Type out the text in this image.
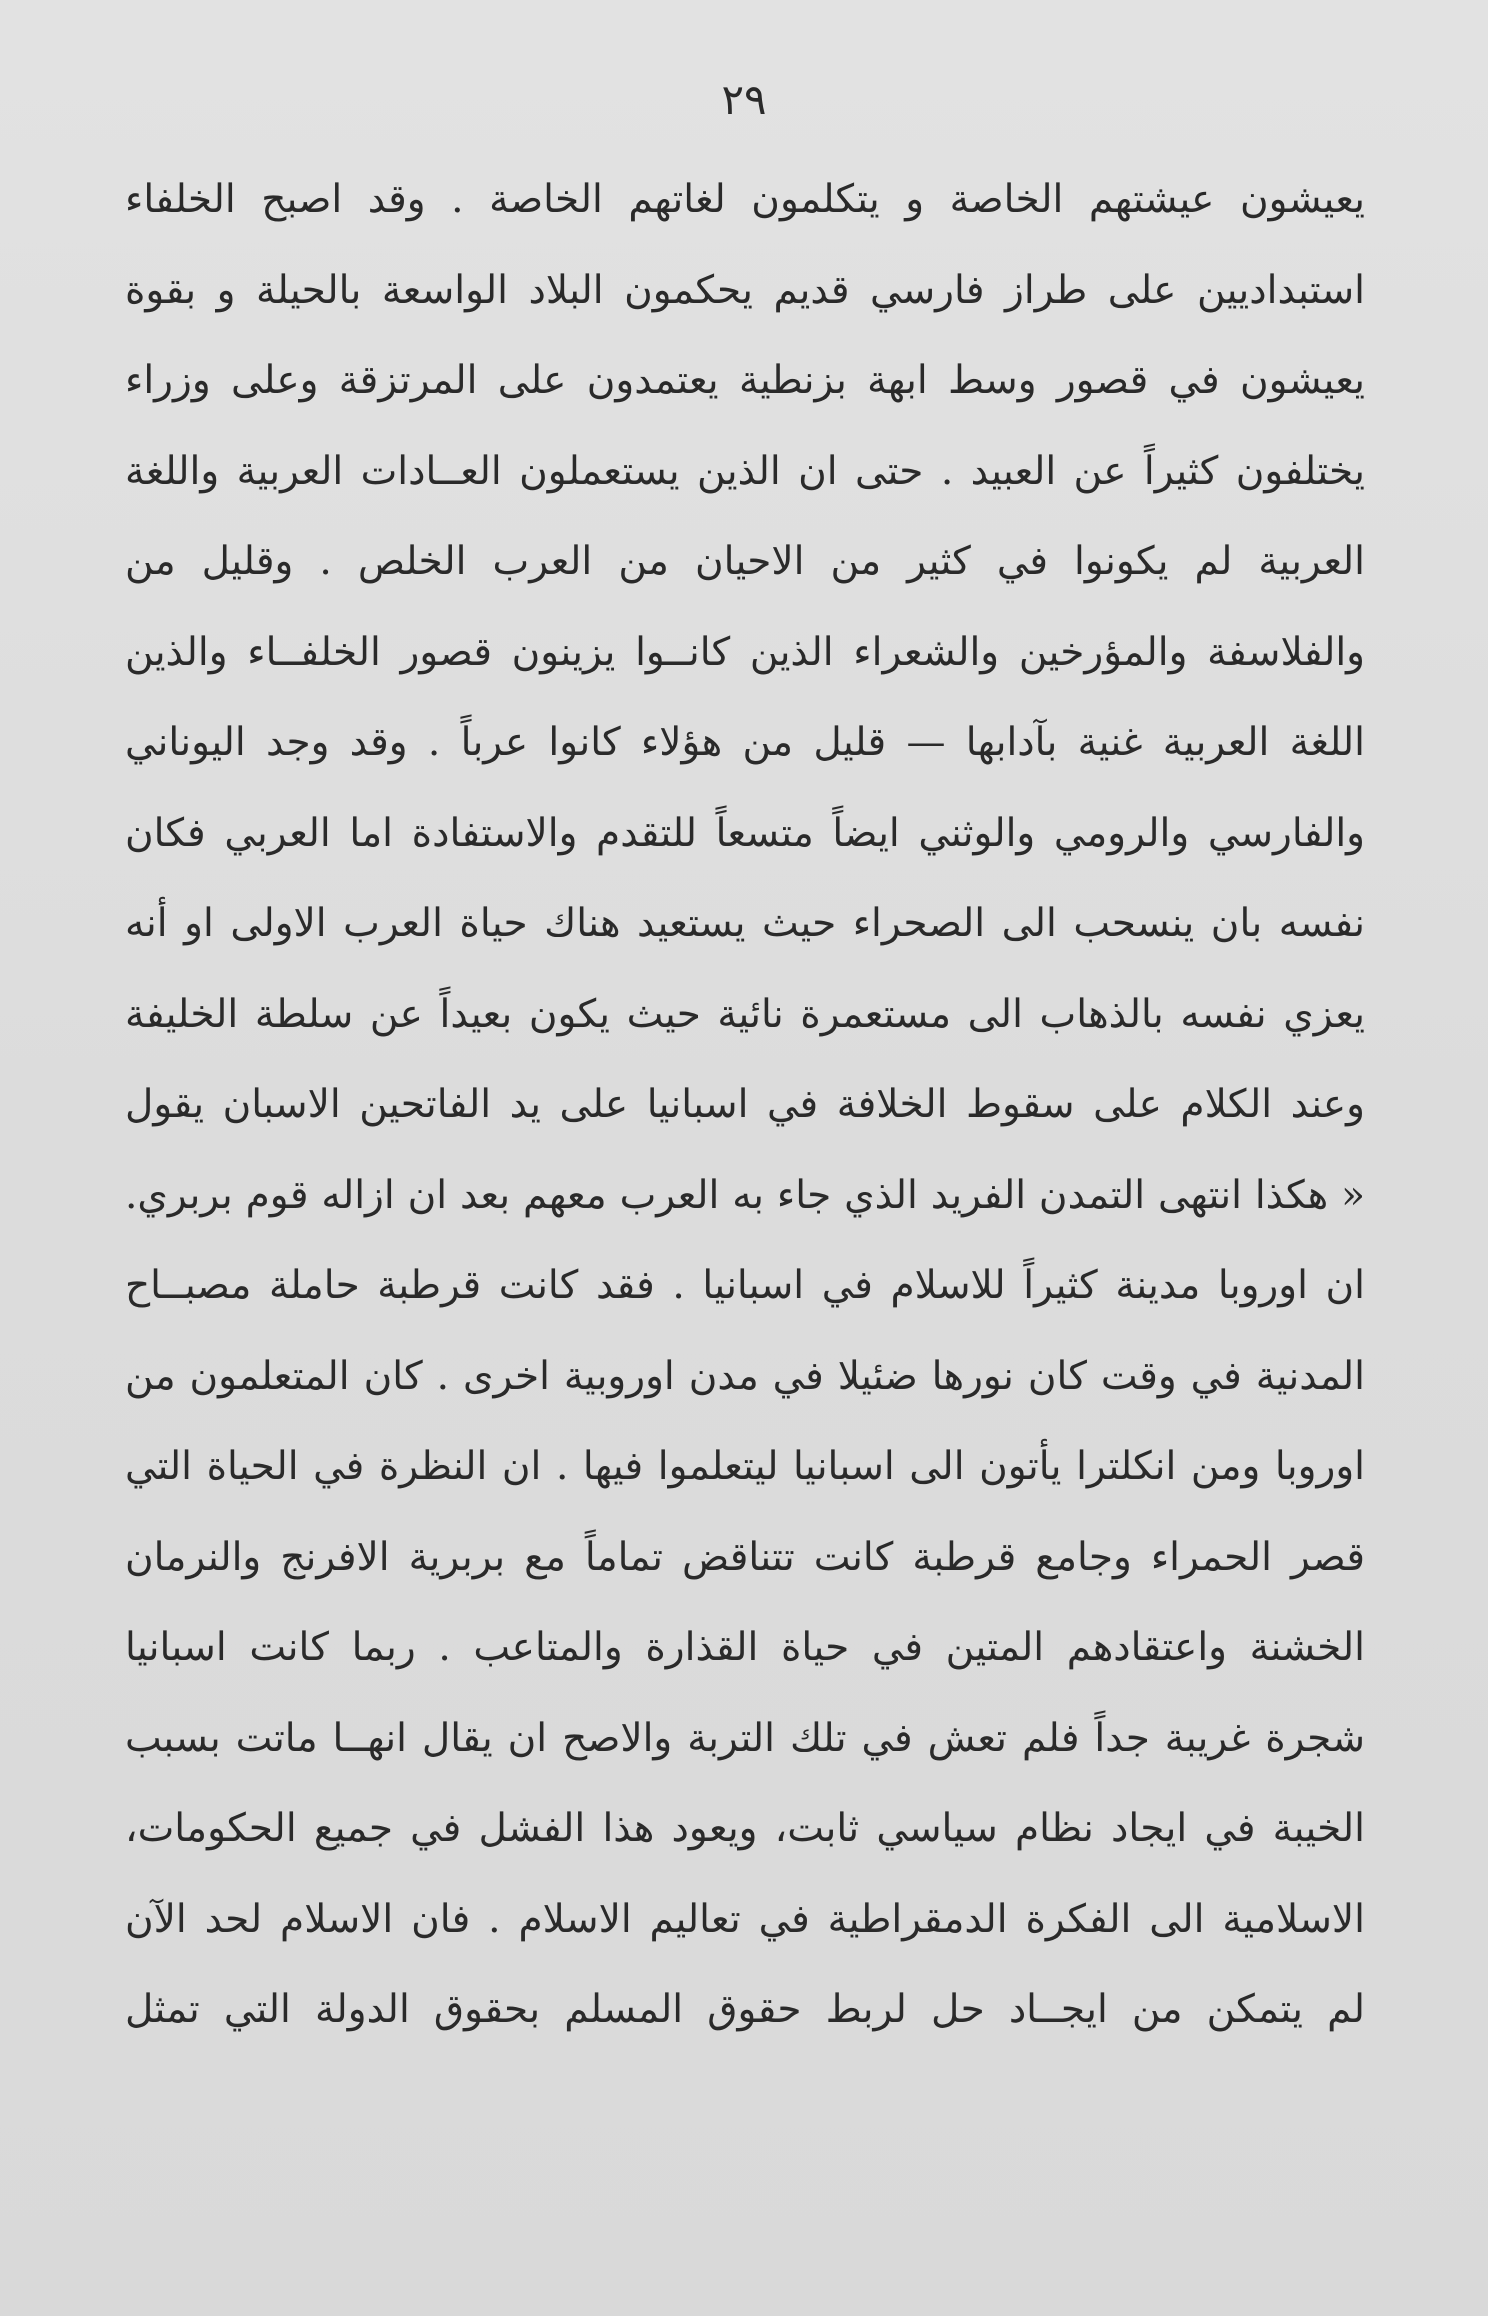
٢٩
يعيشون عيشتهم الخاصة و يتكلمون لغاتهم الخاصة . وقد اصبح الخلفاء
استبداديين على طراز فارسي قديم يحكمون البلاد الواسعة بالحيلة و بقوة
يعيشون في قصور وسط ابهة بزنطية يعتمدون على المرتزقة وعلى وزراء
يختلفون كثيراً عن العبيد . حتى ان الذين يستعملون العــادات العربية واللغة
العربية لم يكونوا في كثير من الاحيان من العرب الخلص . وقليل من
والفلاسفة والمؤرخين والشعراء الذين كانــوا يزينون قصور الخلفــاء والذين
اللغة العربية غنية بآدابها — قليل من هؤلاء كانوا عرباً . وقد وجد اليوناني
والفارسي والرومي والوثني ايضاً متسعاً للتقدم والاستفادة اما العربي فكان
نفسه بان ينسحب الى الصحراء حيث يستعيد هناك حياة العرب الاولى او أنه
يعزي نفسه بالذهاب الى مستعمرة نائية حيث يكون بعيداً عن سلطة الخليفة
وعند الكلام على سقوط الخلافة في اسبانيا على يد الفاتحين الاسبان يقول
« هكذا انتهى التمدن الفريد الذي جاء به العرب معهم بعد ان ازاله قوم بربري.
ان اوروبا مدينة كثيراً للاسلام في اسبانيا . فقد كانت قرطبة حاملة مصبــاح
المدنية في وقت كان نورها ضئيلا في مدن اوروبية اخرى . كان المتعلمون من
اوروبا ومن انكلترا يأتون الى اسبانيا ليتعلموا فيها . ان النظرة في الحياة التي
قصر الحمراء وجامع قرطبة كانت تتناقض تماماً مع بربرية الافرنج والنرمان
الخشنة واعتقادهم المتين في حياة القذارة والمتاعب . ربما كانت اسبانيا
شجرة غريبة جداً فلم تعش في تلك التربة والاصح ان يقال انهــا ماتت بسبب
الخيبة في ايجاد نظام سياسي ثابت، ويعود هذا الفشل في جميع الحكومات،
الاسلامية الى الفكرة الدمقراطية في تعاليم الاسلام . فان الاسلام لحد الآن
لم يتمكن من ايجــاد حل لربط حقوق المسلم بحقوق الدولة التي تمثل
